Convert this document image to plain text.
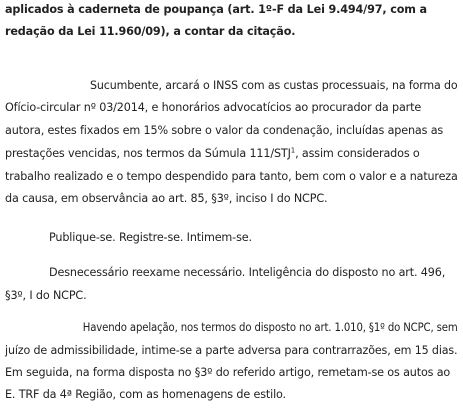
aplicados à caderneta de poupança (art. 1º-F da Lei 9.494/97, com a
redação da Lei 11.960/09), a contar da citação.
Sucumbente, arcará o INSS com as custas processuais, na forma do
Ofício-circular nº 03/2014, e honorários advocatícios ao procurador da parte
autora, estes fixados em 15% sobre o valor da condenação, incluídas apenas as
prestações vencidas, nos termos da Súmula 111/STJ$^1$, assim considerados o
trabalho realizado e o tempo despendido para tanto, bem com o valor e a natureza
da causa, em observância ao art. 85, §3º, inciso I do NCPC.
Publique-se. Registre-se. Intimem-se.
Desnecessário reexame necessário. Inteligência do disposto no art. 496,
§3º, I do NCPC.
Havendo apelação, nos termos do disposto no art. 1.010, §1º do NCPC, sem
juízo de admissibilidade, intime-se a parte adversa para contrarrazões, em 15 dias.
Em seguida, na forma disposta no §3º do referido artigo, remetam-se os autos ao
E. TRF da 4ª Região, com as homenagens de estilo.
